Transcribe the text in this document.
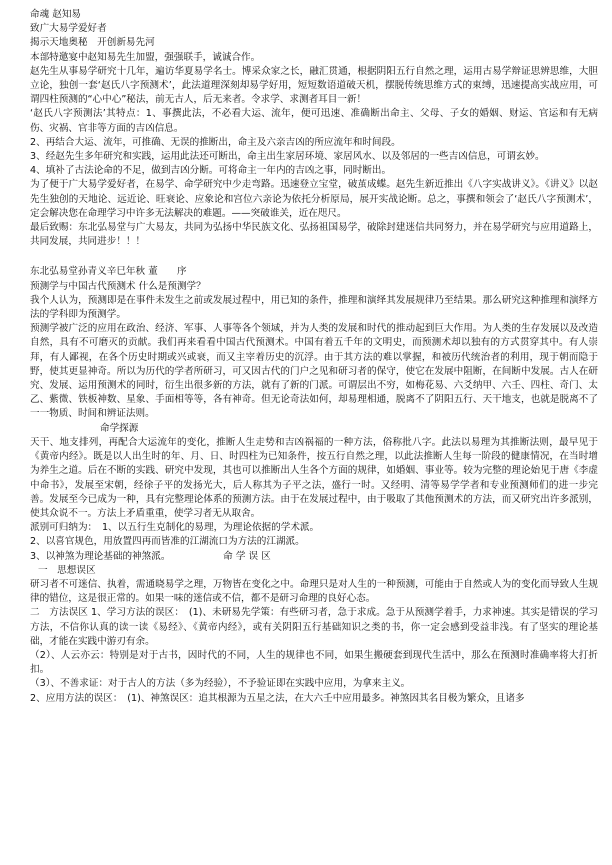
命魂 赵知易

致广大易学爱好者

揭示天地奥秘　开创新易先河

本部特邀宴中赵知易先生加盟，强强联手，诚诚合作。

赵先生从事易学研究十几年，遍访华夏易学名士。博采众家之长，融汇贯通，根据阴阳五行自然之理，运用古易学辩证思辨思维，大胆立论，独创一套‘赵氏八字预测术’，此法道理深刻却易学好用，短短数语道破天机，摆脱传统思维方式的束缚，迅速提高实战应用，可谓四柱预测的“心中心”秘法，前无古人，后无来者。令求学、求测者耳目一新！

‘赵氏八字预测法’其特点：1、事撰此法，不必看大运、流年，便可迅速、准确断出命主、父母、子女的婚姻、财运、官运和有无病伤、灾祸、官非等方面的吉凶信息。

2、再结合大运、流年，可推确、无误的推断出，命主及六亲吉凶的所应流年和时间段。

3、经赵先生多年研究和实践，运用此法还可断出，命主出生家居环境、家居风水、以及邻居的一些吉凶信息，可谓玄妙。

4、填补了古法论命的不足，做到吉凶分断。可将命主一年内的吉凶之事，同时断出。

为了便于广大易学爱好者，在易学、命学研究中少走弯路。迅速登立宝堂，破茧成蝶。赵先生新近推出《八字实战讲义》。《讲义》以赵先生独创的天地论、远近论、旺衰论、应象论和宫位六亲论为依托分析原局，展开实战论断。总之，事撰和领会了‘赵氏八字预测术’，定会解决您在命理学习中许多无法解决的难题。——突破谁关，近在咫尺。

最后致赐：东北弘易堂与广大易友，共同为弘扬中华民族文化、弘扬祖国易学，破除封建迷信共同努力，并在易学研究与应用道路上，共同发展，共同进步！！！

东北弘易堂孙青义辛巳年秋 董　　序

预测学与中国古代预测术 什么是预测学？

我个人认为，预测即是在事件未发生之前或发展过程中，用已知的条件，推理和演绎其发展规律乃至结果。那么研究这种推理和演绎方法的学科即为预测学。

预测学被广泛的应用在政治、经济、军事、人事等各个领域，并为人类的发展和时代的推动起到巨大作用。为人类的生存发展以及改造自然，具有不可磨灭的贡献。我们再来看看中国古代预测术。中国有着五千年的文明史，而预测术却以独有的方式贯穿其中。有人崇拜，有人鄙视，在各个历史时期或兴或衰，而又主宰着历史的沉浮。由于其方法的难以掌握，和被历代统治者的利用，现于朝而隐于野，使其更显神奇。所以为历代的学者所研习，可又因古代的门户之见和研习者的保守，使它在发展中阻断，在间断中发展。古人在研究、发展、运用预测术的同时，衍生出很多新的方法，就有了新的门派。可谓层出不穷，如梅花易、六爻纳甲、六壬、四柱、奇门、太乙、紫微、铁板神数、星象、手面相等等，各有神奇。但无论奇法如何，却易理相通，脱离不了阴阳五行、天干地支，也就是脱离不了一一物质、时间和辨证法则。

命学探源

天干、地支排列，再配合大运流年的变化，推断人生走势和吉凶祸福的一种方法，俗称批八字。此法以易理为其推断法则，最早见于《黄帝内经》。既是以人出生时的年、月、日、时四柱为已知条件，按五行自然之理，以此法推断人生每一阶段的健康情况，在当时增为养生之道。后在不断的实践、研究中发现，其也可以推断出人生各个方面的规律，如婚姻、事业等。较为完整的理论始见于唐《李虚中命书》，发展至宋朝，经徐子平的发扬光大，后人称其为子平之法，盛行一时。又经明、清等易学学者和专业预测师们的进一步完善。发展至今已成为一种，具有完整理论体系的预测方法。由于在发展过程中，由于吸取了其他预测术的方法，而又研究出许多派别，使其众说不一。方法上矛盾重重，使学习者无从取舍。

派别可归纳为：　1、以五行生克制化的易理，为理论依据的学术派。

2、以喜官规色，用放置四再而皆准的江湖流口为方法的江湖派。

3、以神煞为理论基础的神煞派。　　　　　　命 学 误 区

一　思想误区

研习者不可迷信、执着，需通晓易学之理，万物皆在变化之中。命理只是对人生的一种预测，可能由于自然或人为的变化而导致人生规律的错位，这是很正常的。如果一味的迷信或不信，都不是研习命理的良好心态。

二　方法误区 1、学习方法的误区：　(1)、未研易先学策：有些研习者，急于求成。急于从预测学着手，力求神速。其实是错误的学习方法，不信你认真的读一读《易经》、《黄帝内经》，或有关阴阳五行基础知识之类的书，你一定会感到受益非浅。有了坚实的理论基础，才能在实践中游刃有余。

（2）、人云亦云：特别是对于古书，因时代的不同，人生的规律也不同，如果生搬硬套到现代生活中，那么在预测时准确率将大打折扣。

（3）、不善求证：对于古人的方法（多为经验），不予验证即在实践中应用，为拿来主义。

2、应用方法的误区：　(1)、神煞误区：追其根源为五星之法，在大六壬中应用最多。神煞因其名目极为繁众，且诸多
